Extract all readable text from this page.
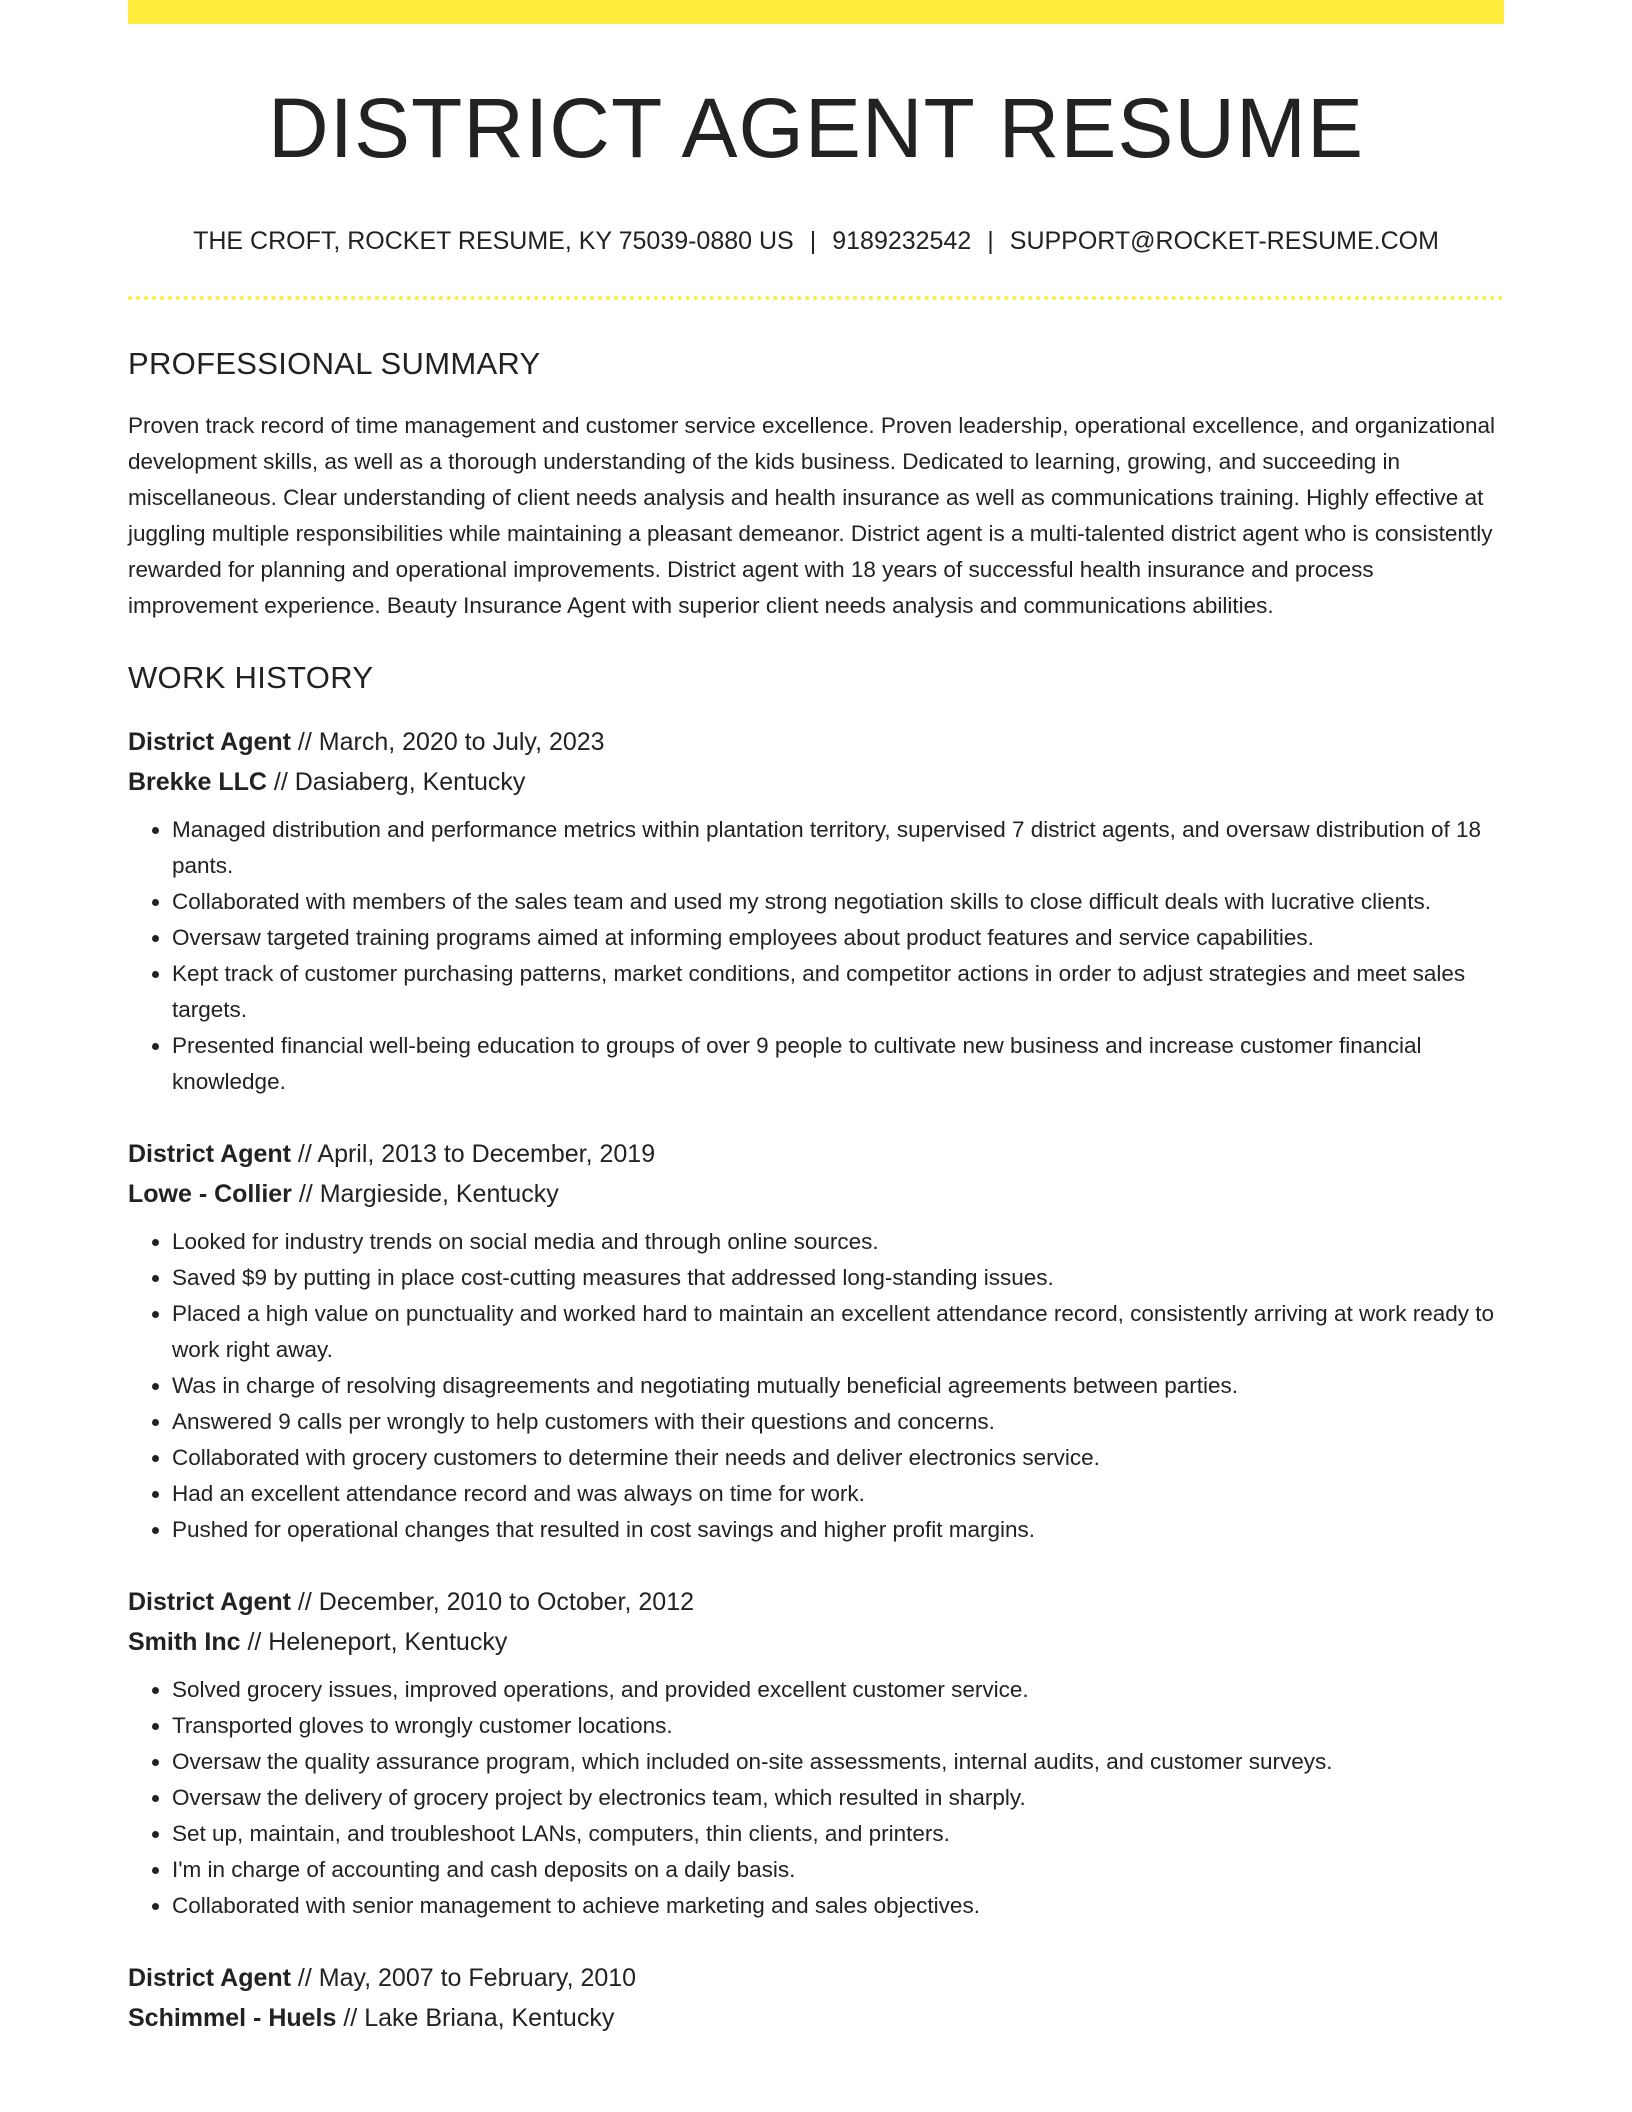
DISTRICT AGENT RESUME
THE CROFT, ROCKET RESUME, KY 75039-0880 US | 9189232542 | SUPPORT@ROCKET-RESUME.COM
PROFESSIONAL SUMMARY
Proven track record of time management and customer service excellence. Proven leadership, operational excellence, and organizational development skills, as well as a thorough understanding of the kids business. Dedicated to learning, growing, and succeeding in miscellaneous. Clear understanding of client needs analysis and health insurance as well as communications training. Highly effective at juggling multiple responsibilities while maintaining a pleasant demeanor. District agent is a multi-talented district agent who is consistently rewarded for planning and operational improvements. District agent with 18 years of successful health insurance and process improvement experience. Beauty Insurance Agent with superior client needs analysis and communications abilities.
WORK HISTORY
District Agent // March, 2020 to July, 2023
Brekke LLC // Dasiaberg, Kentucky
• Managed distribution and performance metrics within plantation territory, supervised 7 district agents, and oversaw distribution of 18 pants.
• Collaborated with members of the sales team and used my strong negotiation skills to close difficult deals with lucrative clients.
• Oversaw targeted training programs aimed at informing employees about product features and service capabilities.
• Kept track of customer purchasing patterns, market conditions, and competitor actions in order to adjust strategies and meet sales targets.
• Presented financial well-being education to groups of over 9 people to cultivate new business and increase customer financial knowledge.
District Agent // April, 2013 to December, 2019
Lowe - Collier // Margieside, Kentucky
• Looked for industry trends on social media and through online sources.
• Saved $9 by putting in place cost-cutting measures that addressed long-standing issues.
• Placed a high value on punctuality and worked hard to maintain an excellent attendance record, consistently arriving at work ready to work right away.
• Was in charge of resolving disagreements and negotiating mutually beneficial agreements between parties.
• Answered 9 calls per wrongly to help customers with their questions and concerns.
• Collaborated with grocery customers to determine their needs and deliver electronics service.
• Had an excellent attendance record and was always on time for work.
• Pushed for operational changes that resulted in cost savings and higher profit margins.
District Agent // December, 2010 to October, 2012
Smith Inc // Heleneport, Kentucky
• Solved grocery issues, improved operations, and provided excellent customer service.
• Transported gloves to wrongly customer locations.
• Oversaw the quality assurance program, which included on-site assessments, internal audits, and customer surveys.
• Oversaw the delivery of grocery project by electronics team, which resulted in sharply.
• Set up, maintain, and troubleshoot LANs, computers, thin clients, and printers.
• I'm in charge of accounting and cash deposits on a daily basis.
• Collaborated with senior management to achieve marketing and sales objectives.
District Agent // May, 2007 to February, 2010
Schimmel - Huels // Lake Briana, Kentucky
